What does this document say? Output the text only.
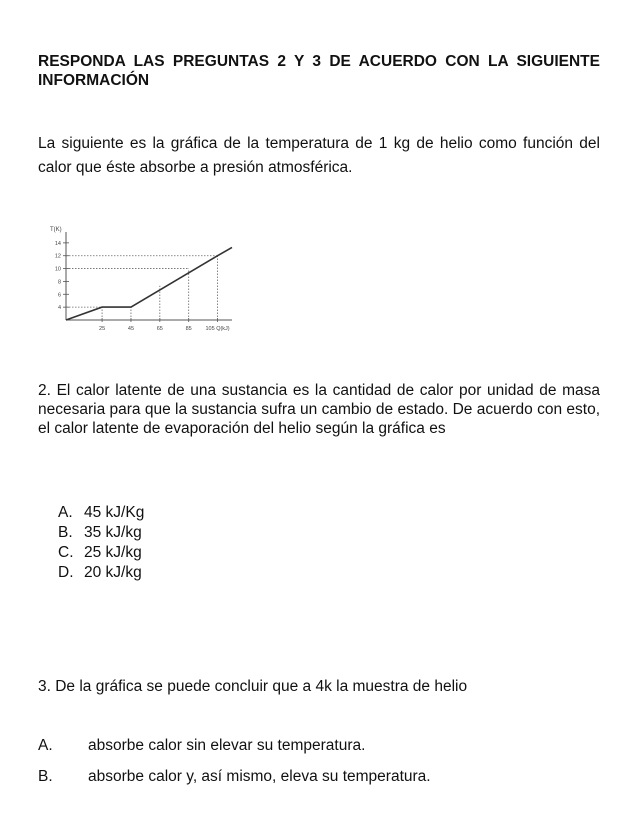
RESPONDA LAS PREGUNTAS 2 Y 3 DE ACUERDO CON LA SIGUIENTE INFORMACIÓN
La siguiente es la gráfica de la temperatura de 1 kg de helio como función del calor que éste absorbe a presión atmosférica.
T(K)
4
6
8
10
12
14
25	45	65	85 105 Q(kJ)
2. El calor latente de una sustancia es la cantidad de calor por unidad de masa necesaria para que la sustancia sufra un cambio de estado. De acuerdo con esto, el calor latente de evaporación del helio según la gráfica es
A. 45 kJ/Kg
B. 35 kJ/kg
C. 25 kJ/kg
D. 20 kJ/kg
3. De la gráfica se puede concluir que a 4k la muestra de helio
A.	absorbe calor sin elevar su temperatura.
B.	absorbe calor y, así mismo, eleva su temperatura.
